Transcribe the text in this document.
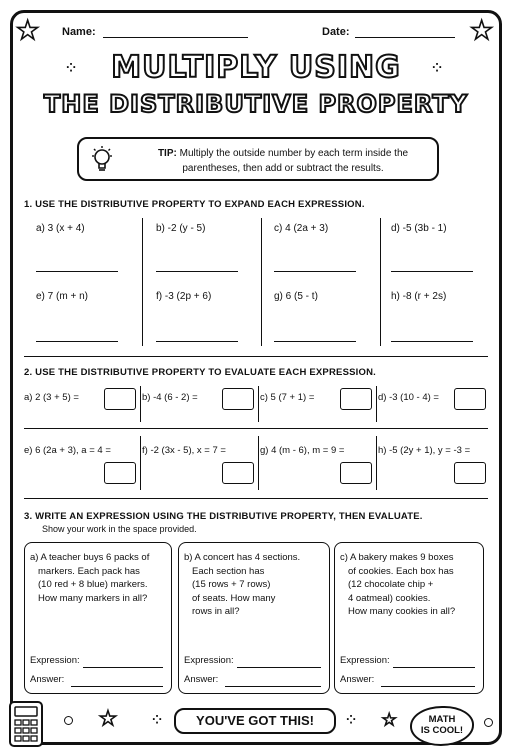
★	★
Name:	Date:
⁘	⁘
MULTIPLY USING
THE DISTRIBUTIVE PROPERTY
TIP: Multiply the outside number by each term inside the parentheses, then add or subtract the results.
1. USE THE DISTRIBUTIVE PROPERTY TO EXPAND EACH EXPRESSION.
a) 3 (x + 4)	b) -2 (y - 5)	c) 4 (2a + 3)	d) -5 (3b - 1)
e) 7 (m + n)	f) -3 (2p + 6)	g) 6 (5 - t)	h) -8 (r + 2s)
2. USE THE DISTRIBUTIVE PROPERTY TO EVALUATE EACH EXPRESSION.
a) 2 (3 + 5) =	b) -4 (6 - 2) =	c) 5 (7 + 1) =	d) -3 (10 - 4) =
e) 6 (2a + 3), a = 4 =	f) -2 (3x - 5), x = 7 =	g) 4 (m - 6), m = 9 =	h) -5 (2y + 1), y = -3 =
3. WRITE AN EXPRESSION USING THE DISTRIBUTIVE PROPERTY, THEN EVALUATE.
Show your work in the space provided.
a) A teacher buys 6 packs of
markers. Each pack has
(10 red + 8 blue) markers.
How many markers in all?
Expression:
Answer:
b) A concert has 4 sections.
Each section has
(15 rows + 7 rows)
of seats. How many
rows in all?
Expression:
Answer:
c) A bakery makes 9 boxes
of cookies. Each box has
(12 chocolate chip +
4 oatmeal) cookies.
How many cookies in all?
Expression:
Answer:
★	⁘	YOU'VE GOT THIS!	⁘ ★	MATH
IS COOL!
